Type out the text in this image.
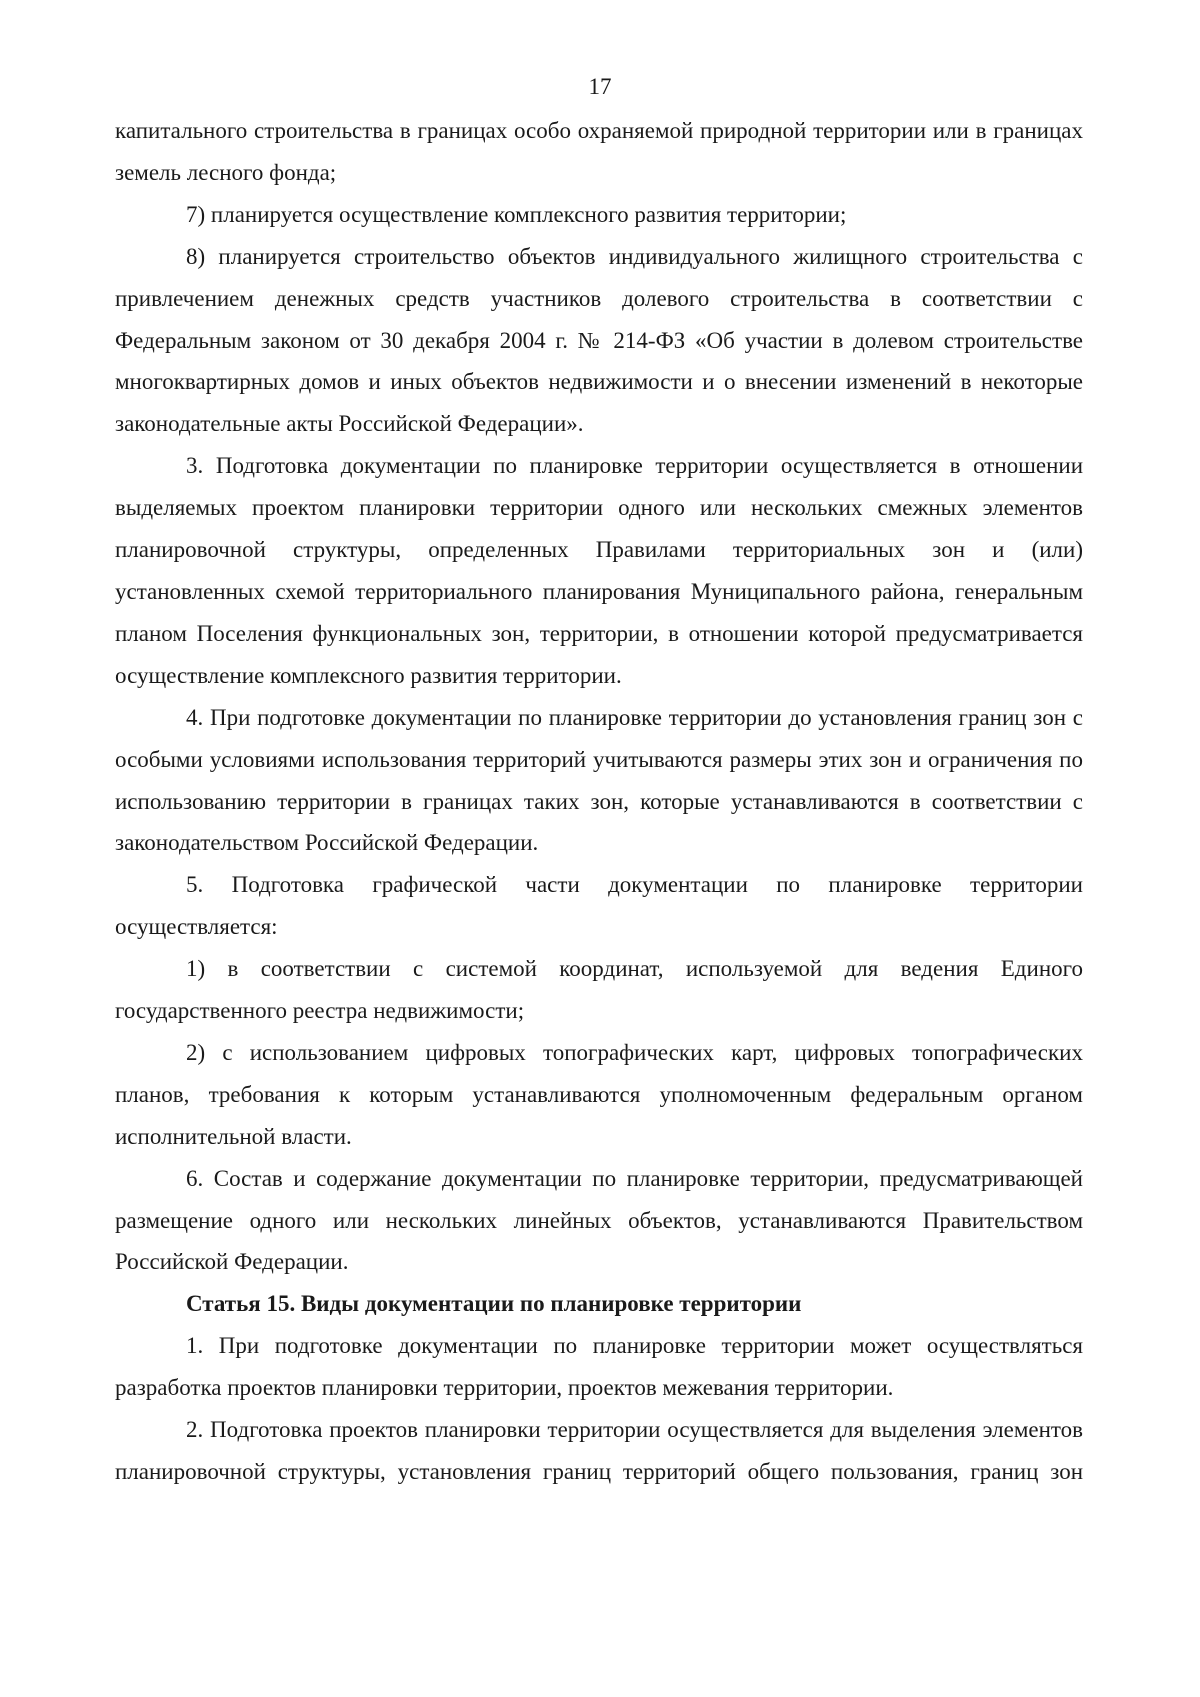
17

капитального строительства в границах особо охраняемой природной территории или в границах земель лесного фонда;

7) планируется осуществление комплексного развития территории;

8) планируется строительство объектов индивидуального жилищного строительства с привлечением денежных средств участников долевого строительства в соответствии с Федеральным законом от 30 декабря 2004 г. № 214-ФЗ «Об участии в долевом строительстве многоквартирных домов и иных объектов недвижимости и о внесении изменений в некоторые законодательные акты Российской Федерации».

3. Подготовка документации по планировке территории осуществляется в отношении выделяемых проектом планировки территории одного или нескольких смежных элементов планировочной структуры, определенных Правилами территориальных зон и (или) установленных схемой территориального планирования Муниципального района, генеральным планом Поселения функциональных зон, территории, в отношении которой предусматривается осуществление комплексного развития территории.

4. При подготовке документации по планировке территории до установления границ зон с особыми условиями использования территорий учитываются размеры этих зон и ограничения по использованию территории в границах таких зон, которые устанавливаются в соответствии с законодательством Российской Федерации.

5. Подготовка графической части документации по планировке территории осуществляется:

1) в соответствии с системой координат, используемой для ведения Единого государственного реестра недвижимости;

2) с использованием цифровых топографических карт, цифровых топографических планов, требования к которым устанавливаются уполномоченным федеральным органом исполнительной власти.

6. Состав и содержание документации по планировке территории, предусматривающей размещение одного или нескольких линейных объектов, устанавливаются Правительством Российской Федерации.

Статья 15. Виды документации по планировке территории

1. При подготовке документации по планировке территории может осуществляться разработка проектов планировки территории, проектов межевания территории.

2. Подготовка проектов планировки территории осуществляется для выделения элементов планировочной структуры, установления границ территорий общего пользования, границ зон
